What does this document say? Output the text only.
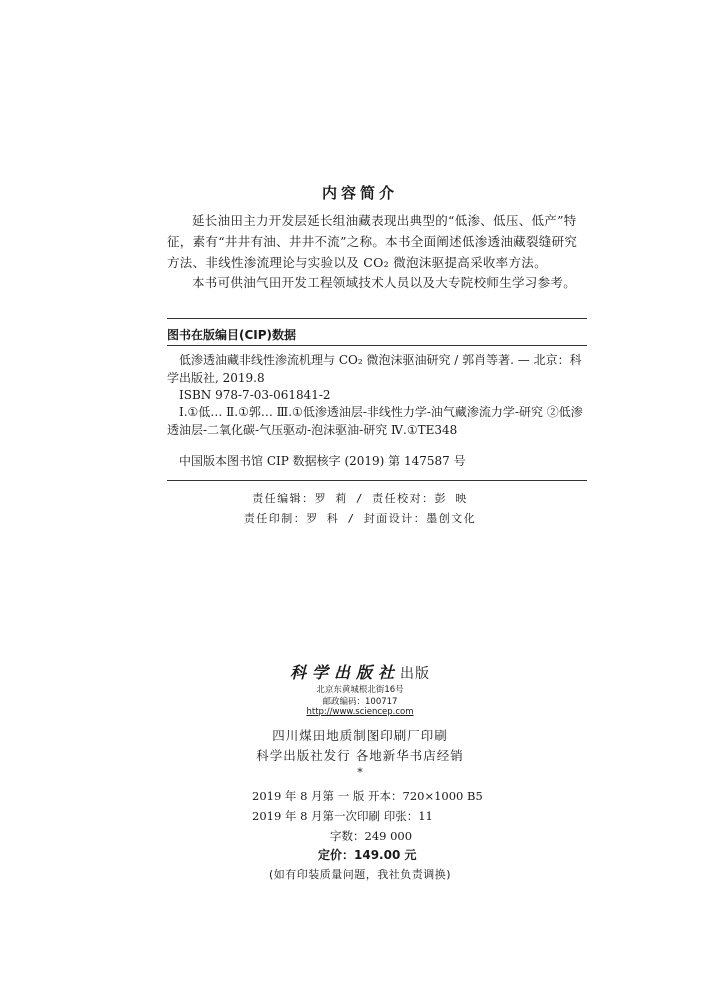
内容简介
延长油田主力开发层延长组油藏表现出典型的“低渗、低压、低产”特征，素有“井井有油、井井不流”之称。本书全面阐述低渗透油藏裂缝研究方法、非线性渗流理论与实验以及 CO₂ 微泡沫驱提高采收率方法。
本书可供油气田开发工程领域技术人员以及大专院校师生学习参考。
图书在版编目(CIP)数据
低渗透油藏非线性渗流机理与 CO₂ 微泡沫驱油研究 / 郭肖等著. — 北京：科学出版社, 2019.8
ISBN 978-7-03-061841-2
Ⅰ.①低… Ⅱ.①郭… Ⅲ.①低渗透油层-非线性力学-油气藏渗流力学-研究 ②低渗透油层-二氧化碳-气压驱动-泡沫驱油-研究 Ⅳ.①TE348
中国版本图书馆 CIP 数据核字 (2019) 第 147587 号
责任编辑：罗 莉 / 责任校对：彭 映
责任印制：罗 科 / 封面设计：墨创文化
科学出版社出版
北京东黄城根北街16号
邮政编码：100717
http://www.sciencep.com
四川煤田地质制图印刷厂印刷
科学出版社发行 各地新华书店经销
*
2019 年 8 月第 一 版 开本：720×1000 B5
2019 年 8 月第一次印刷 印张：11
字数：249 000
定价：149.00 元
(如有印装质量问题，我社负责调换)
